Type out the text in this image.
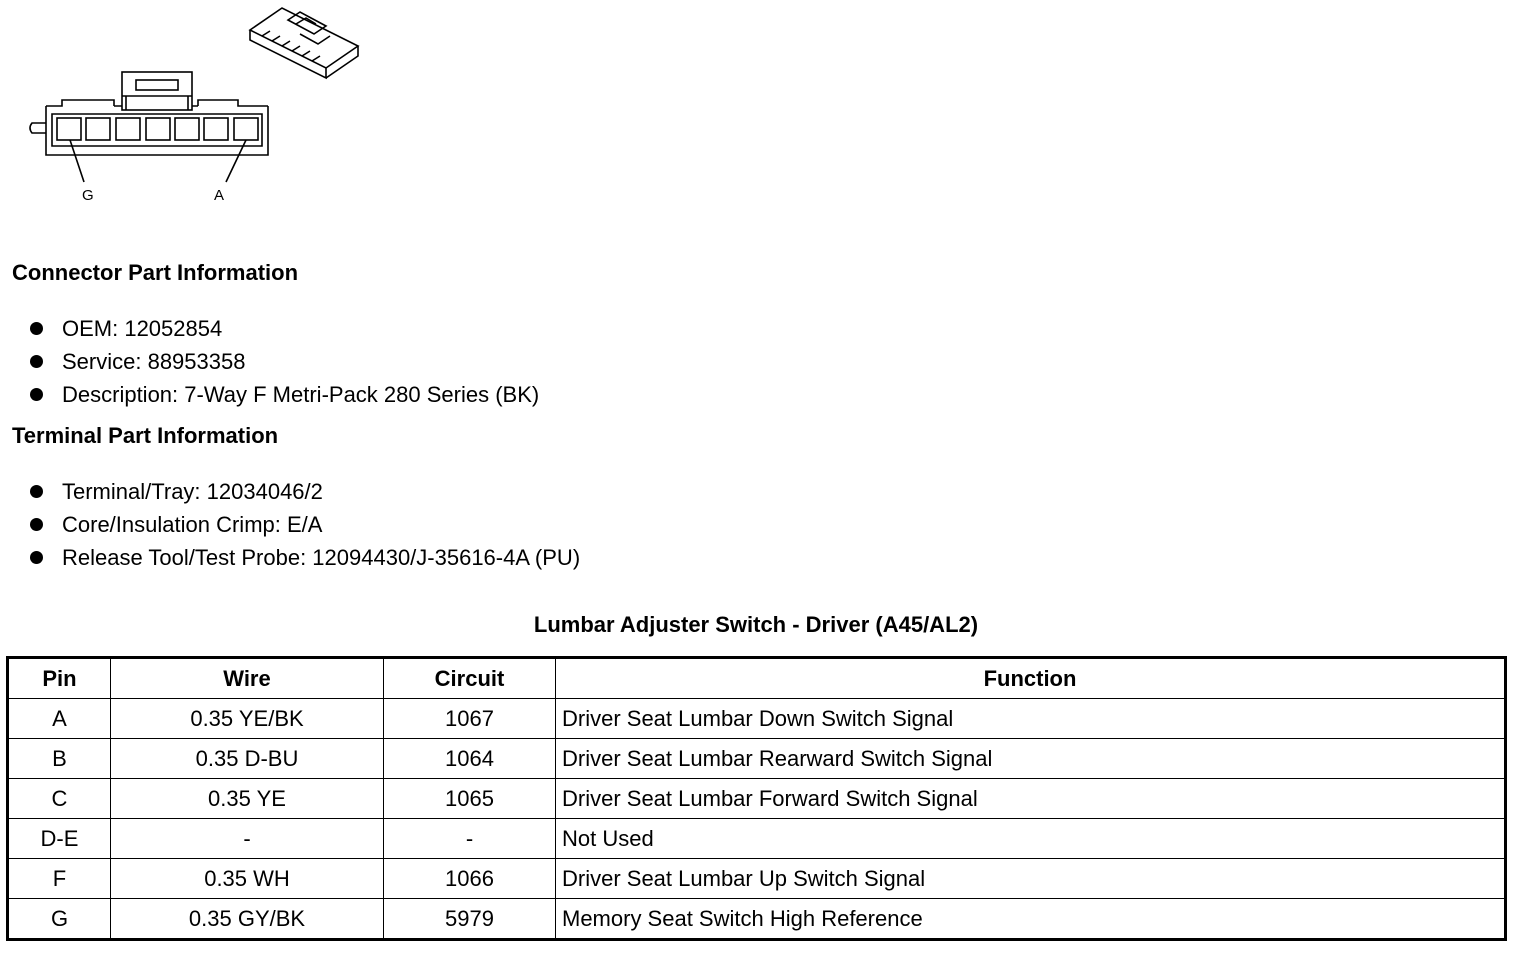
G	A
Connector Part Information
OEM: 12052854
Service: 88953358
Description: 7-Way F Metri-Pack 280 Series (BK)
Terminal Part Information
Terminal/Tray: 12034046/2
Core/Insulation Crimp: E/A
Release Tool/Test Probe: 12094430/J-35616-4A (PU)
Lumbar Adjuster Switch - Driver (A45/AL2)
Pin	Wire	Circuit	Function
A	0.35 YE/BK	1067	Driver Seat Lumbar Down Switch Signal
B	0.35 D-BU	1064	Driver Seat Lumbar Rearward Switch Signal
C	0.35 YE	1065	Driver Seat Lumbar Forward Switch Signal
D-E	-	-	Not Used
F	0.35 WH	1066	Driver Seat Lumbar Up Switch Signal
G	0.35 GY/BK	5979	Memory Seat Switch High Reference
